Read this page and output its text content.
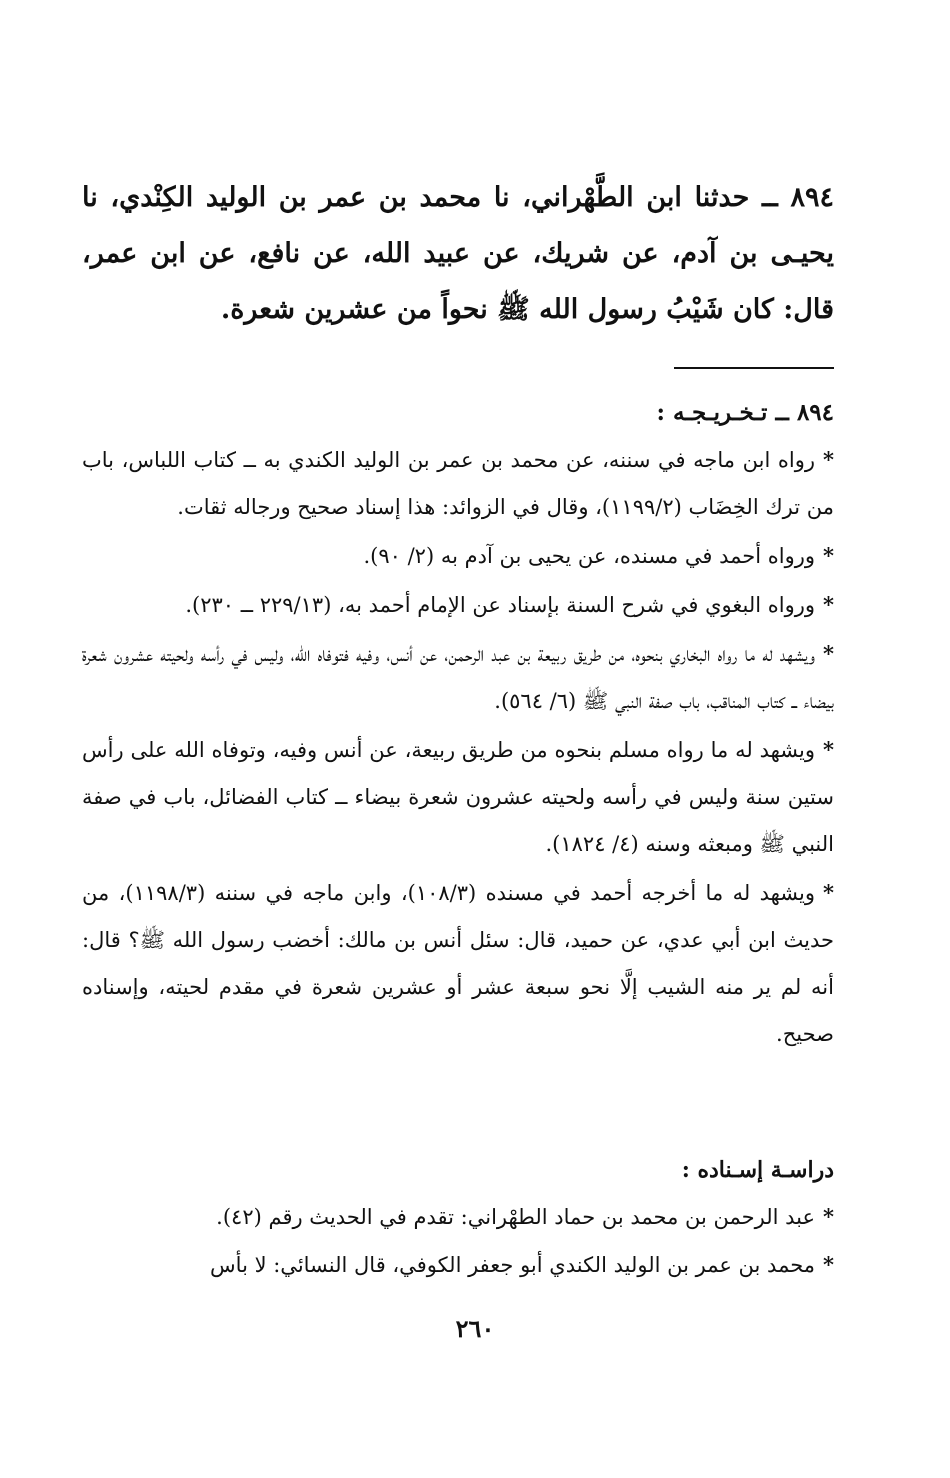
٨٩٤ ــ حدثنا ابن الطَّهْراني، نا محمد بن عمر بن الوليد الكِنْدي، نا يحيـى بن آدم، عن شريك، عن عبيد الله، عن نافع، عن ابن عمر، قال: كان شَيْبُ رسول الله ﷺ نحواً من عشرين شعرة.
٨٩٤ ــ تـخـريـجـه :
*رواه ابن ماجه في سننه، عن محمد بن عمر بن الوليد الكندي به ــ كتاب اللباس، باب من ترك الخِضَاب (١١٩٩/٢)، وقال في الزوائد: هذا إسناد صحيح ورجاله ثقات.
*ورواه أحمد في مسنده، عن يحيى بن آدم به (٢/ ٩٠).
*ورواه البغوي في شرح السنة بإسناد عن الإمام أحمد به، (٢٢٩/١٣ ــ ٢٣٠).
*ويشهد له ما رواه البخاري بنحوه، من طريق ربيعة بن عبد الرحمن، عن أنس، وفيه فتوفاه الله، وليس في رأسه ولحيته عشرون شعرة بيضاء ــ كتاب المناقب، باب صفة النبي ﷺ (٦/ ٥٦٤).
*ويشهد له ما رواه مسلم بنحوه من طريق ربيعة، عن أنس وفيه، وتوفاه الله على رأس ستين سنة وليس في رأسه ولحيته عشرون شعرة بيضاء ــ كتاب الفضائل، باب في صفة النبي ﷺ ومبعثه وسنه (٤/ ١٨٢٤).
*ويشهد له ما أخرجه أحمد في مسنده (١٠٨/٣)، وابن ماجه في سننه (١١٩٨/٣)، من حديث ابن أبي عدي، عن حميد، قال: سئل أنس بن مالك: أخضب رسول الله ﷺ؟ قال: أنه لم ير منه الشيب إلَّا نحو سبعة عشر أو عشرين شعرة في مقدم لحيته، وإسناده صحيح.
دراسـة إسـناده :
*عبد الرحمن بن محمد بن حماد الطهْراني: تقدم في الحديث رقم (٤٢).
*محمد بن عمر بن الوليد الكندي أبو جعفر الكوفي، قال النسائي: لا بأس
٢٦٠
